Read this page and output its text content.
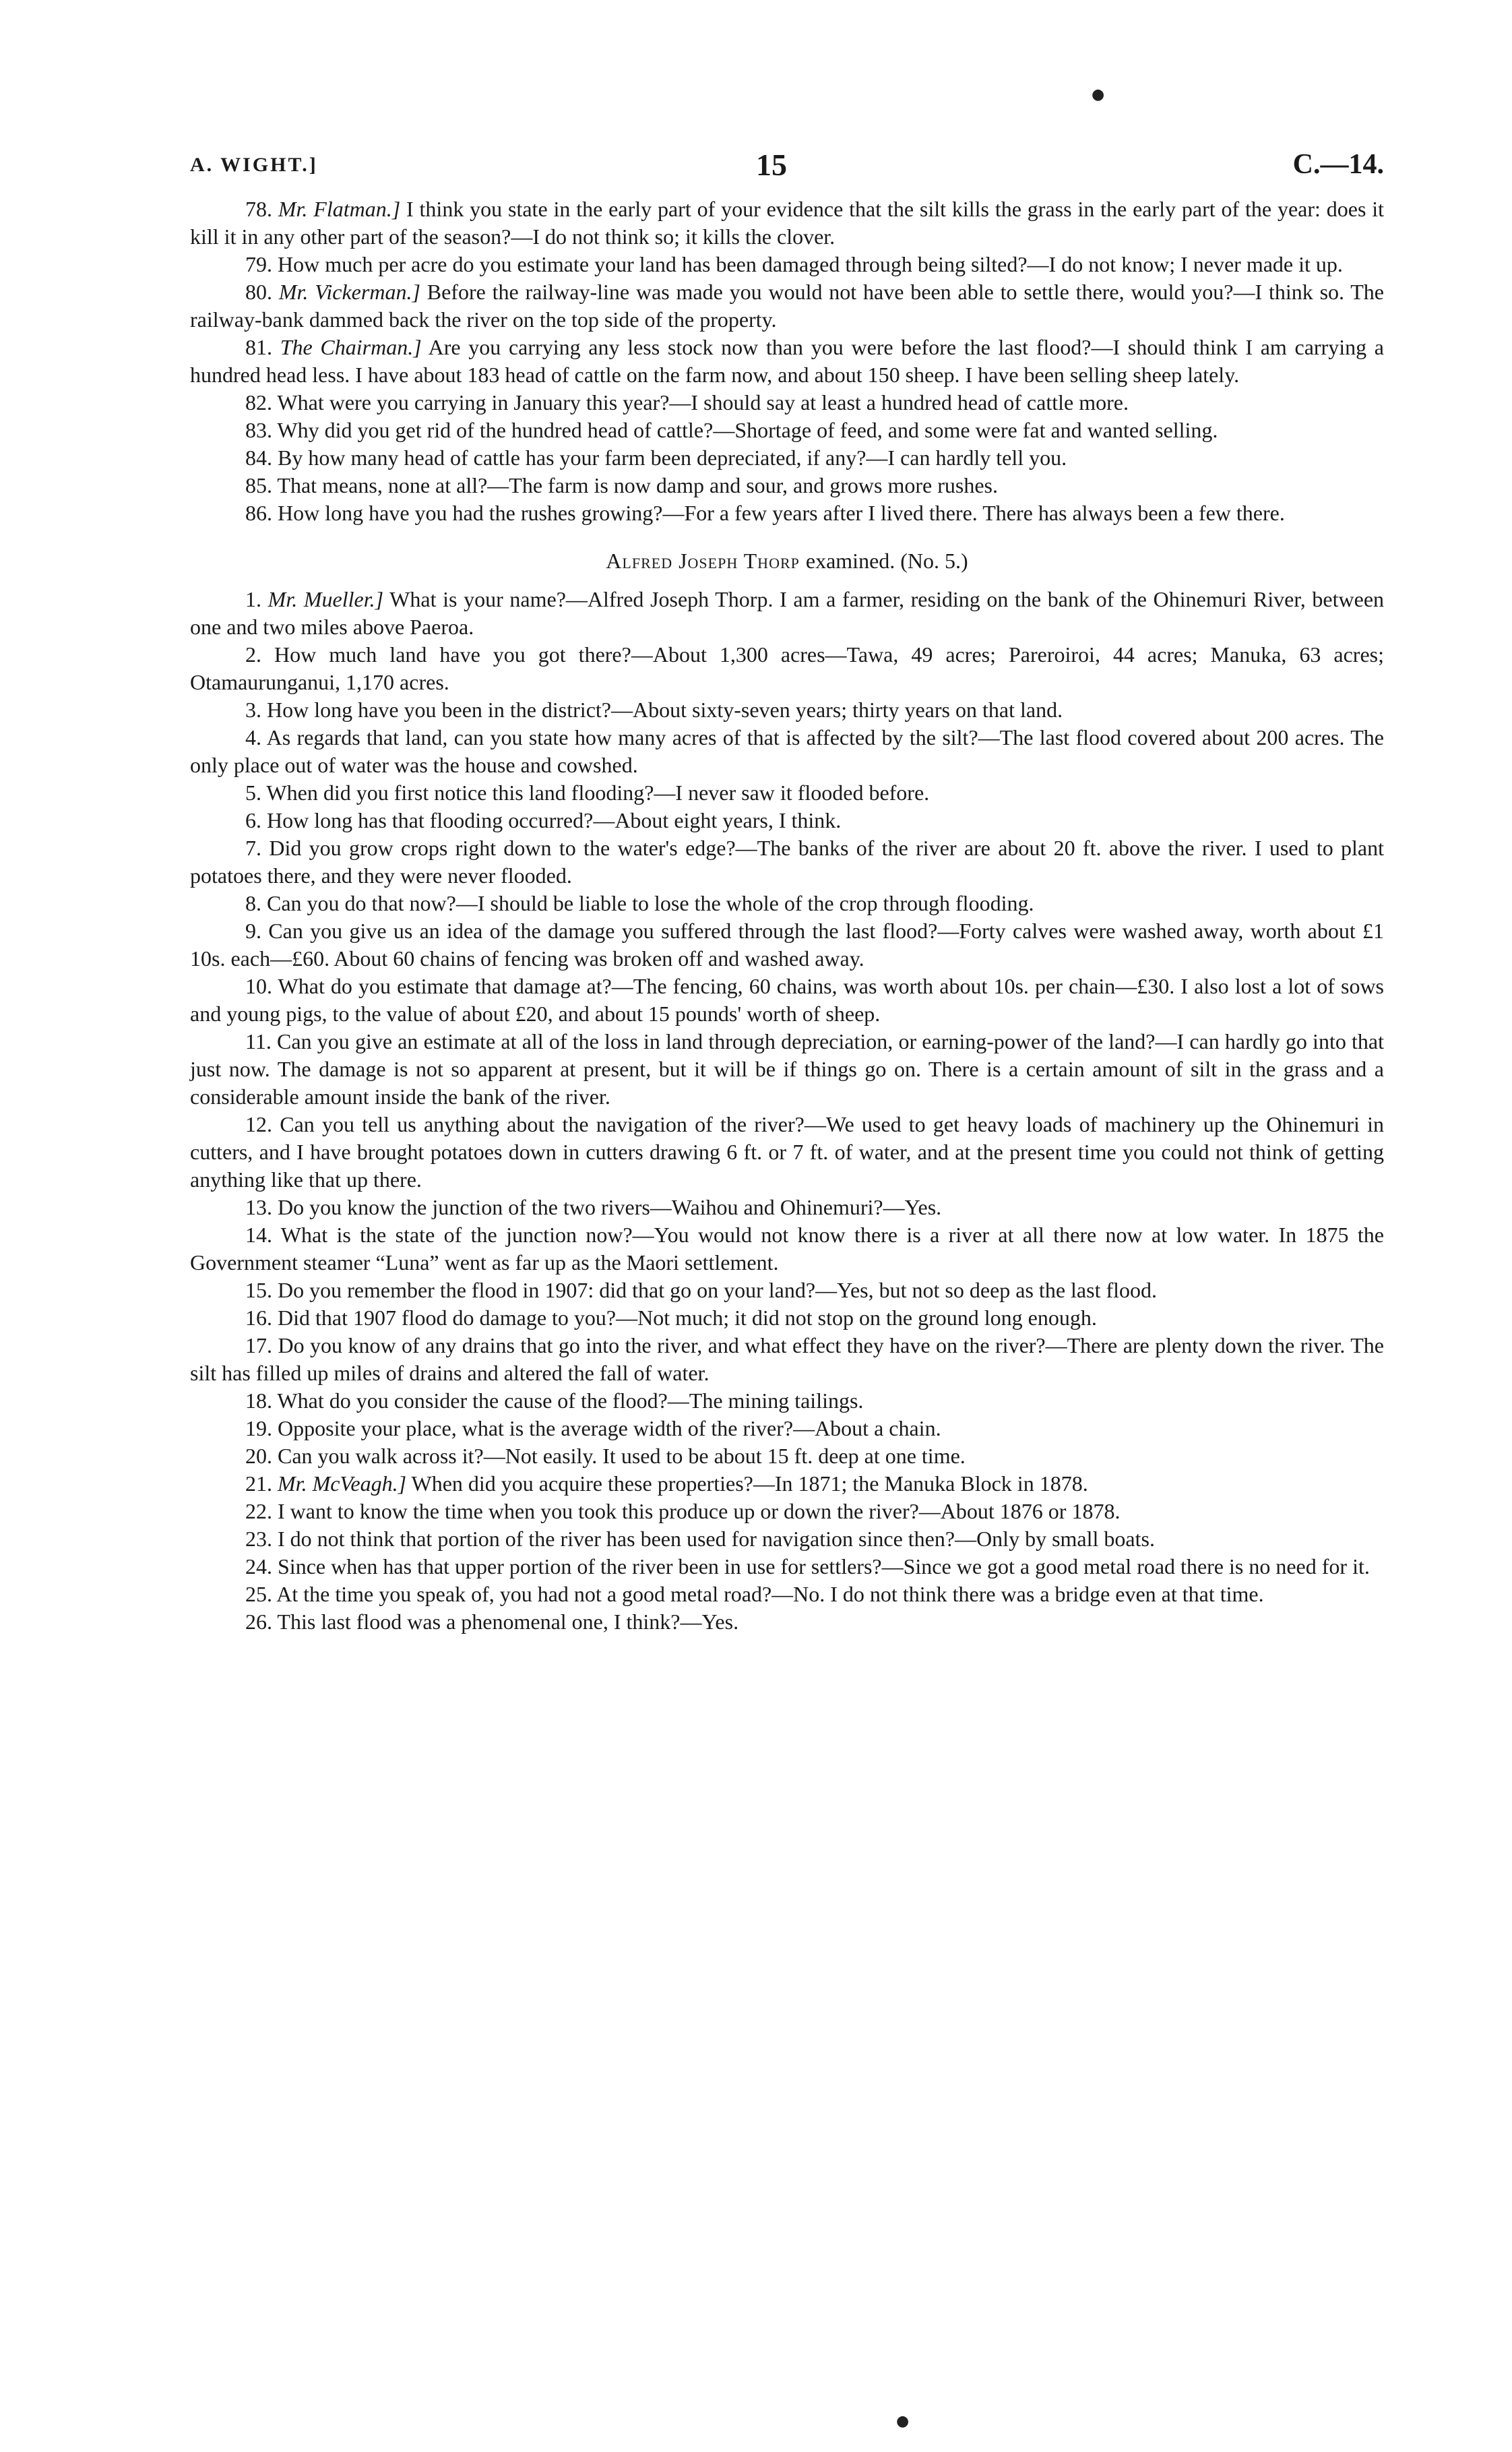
●
●
A. WIGHT.]	15	C.—14.

78. Mr. Flatman.] I think you state in the early part of your evidence that the silt kills the grass in the early part of the year: does it kill it in any other part of the season?—I do not think so; it kills the clover.

79. How much per acre do you estimate your land has been damaged through being silted?—I do not know; I never made it up.

80. Mr. Vickerman.] Before the railway-line was made you would not have been able to settle there, would you?—I think so. The railway-bank dammed back the river on the top side of the property.

81. The Chairman.] Are you carrying any less stock now than you were before the last flood?—I should think I am carrying a hundred head less. I have about 183 head of cattle on the farm now, and about 150 sheep. I have been selling sheep lately.

82. What were you carrying in January this year?—I should say at least a hundred head of cattle more.

83. Why did you get rid of the hundred head of cattle?—Shortage of feed, and some were fat and wanted selling.

84. By how many head of cattle has your farm been depreciated, if any?—I can hardly tell you.

85. That means, none at all?—The farm is now damp and sour, and grows more rushes.

86. How long have you had the rushes growing?—For a few years after I lived there. There has always been a few there.

Alfred Joseph Thorp examined. (No. 5.)

1. Mr. Mueller.] What is your name?—Alfred Joseph Thorp. I am a farmer, residing on the bank of the Ohinemuri River, between one and two miles above Paeroa.

2. How much land have you got there?—About 1,300 acres—Tawa, 49 acres; Pareroiroi, 44 acres; Manuka, 63 acres; Otamaurunganui, 1,170 acres.

3. How long have you been in the district?—About sixty-seven years; thirty years on that land.

4. As regards that land, can you state how many acres of that is affected by the silt?—The last flood covered about 200 acres. The only place out of water was the house and cowshed.

5. When did you first notice this land flooding?—I never saw it flooded before.

6. How long has that flooding occurred?—About eight years, I think.

7. Did you grow crops right down to the water's edge?—The banks of the river are about 20 ft. above the river. I used to plant potatoes there, and they were never flooded.

8. Can you do that now?—I should be liable to lose the whole of the crop through flooding.

9. Can you give us an idea of the damage you suffered through the last flood?—Forty calves were washed away, worth about £1 10s. each—£60. About 60 chains of fencing was broken off and washed away.

10. What do you estimate that damage at?—The fencing, 60 chains, was worth about 10s. per chain—£30. I also lost a lot of sows and young pigs, to the value of about £20, and about 15 pounds' worth of sheep.

11. Can you give an estimate at all of the loss in land through depreciation, or earning-power of the land?—I can hardly go into that just now. The damage is not so apparent at present, but it will be if things go on. There is a certain amount of silt in the grass and a considerable amount inside the bank of the river.

12. Can you tell us anything about the navigation of the river?—We used to get heavy loads of machinery up the Ohinemuri in cutters, and I have brought potatoes down in cutters drawing 6 ft. or 7 ft. of water, and at the present time you could not think of getting anything like that up there.

13. Do you know the junction of the two rivers—Waihou and Ohinemuri?—Yes.

14. What is the state of the junction now?—You would not know there is a river at all there now at low water. In 1875 the Government steamer “Luna” went as far up as the Maori settlement.

15. Do you remember the flood in 1907: did that go on your land?—Yes, but not so deep as the last flood.

16. Did that 1907 flood do damage to you?—Not much; it did not stop on the ground long enough.

17. Do you know of any drains that go into the river, and what effect they have on the river?—There are plenty down the river. The silt has filled up miles of drains and altered the fall of water.

18. What do you consider the cause of the flood?—The mining tailings.

19. Opposite your place, what is the average width of the river?—About a chain.

20. Can you walk across it?—Not easily. It used to be about 15 ft. deep at one time.

21. Mr. McVeagh.] When did you acquire these properties?—In 1871; the Manuka Block in 1878.

22. I want to know the time when you took this produce up or down the river?—About 1876 or 1878.

23. I do not think that portion of the river has been used for navigation since then?—Only by small boats.

24. Since when has that upper portion of the river been in use for settlers?—Since we got a good metal road there is no need for it.

25. At the time you speak of, you had not a good metal road?—No. I do not think there was a bridge even at that time.

26. This last flood was a phenomenal one, I think?—Yes.
